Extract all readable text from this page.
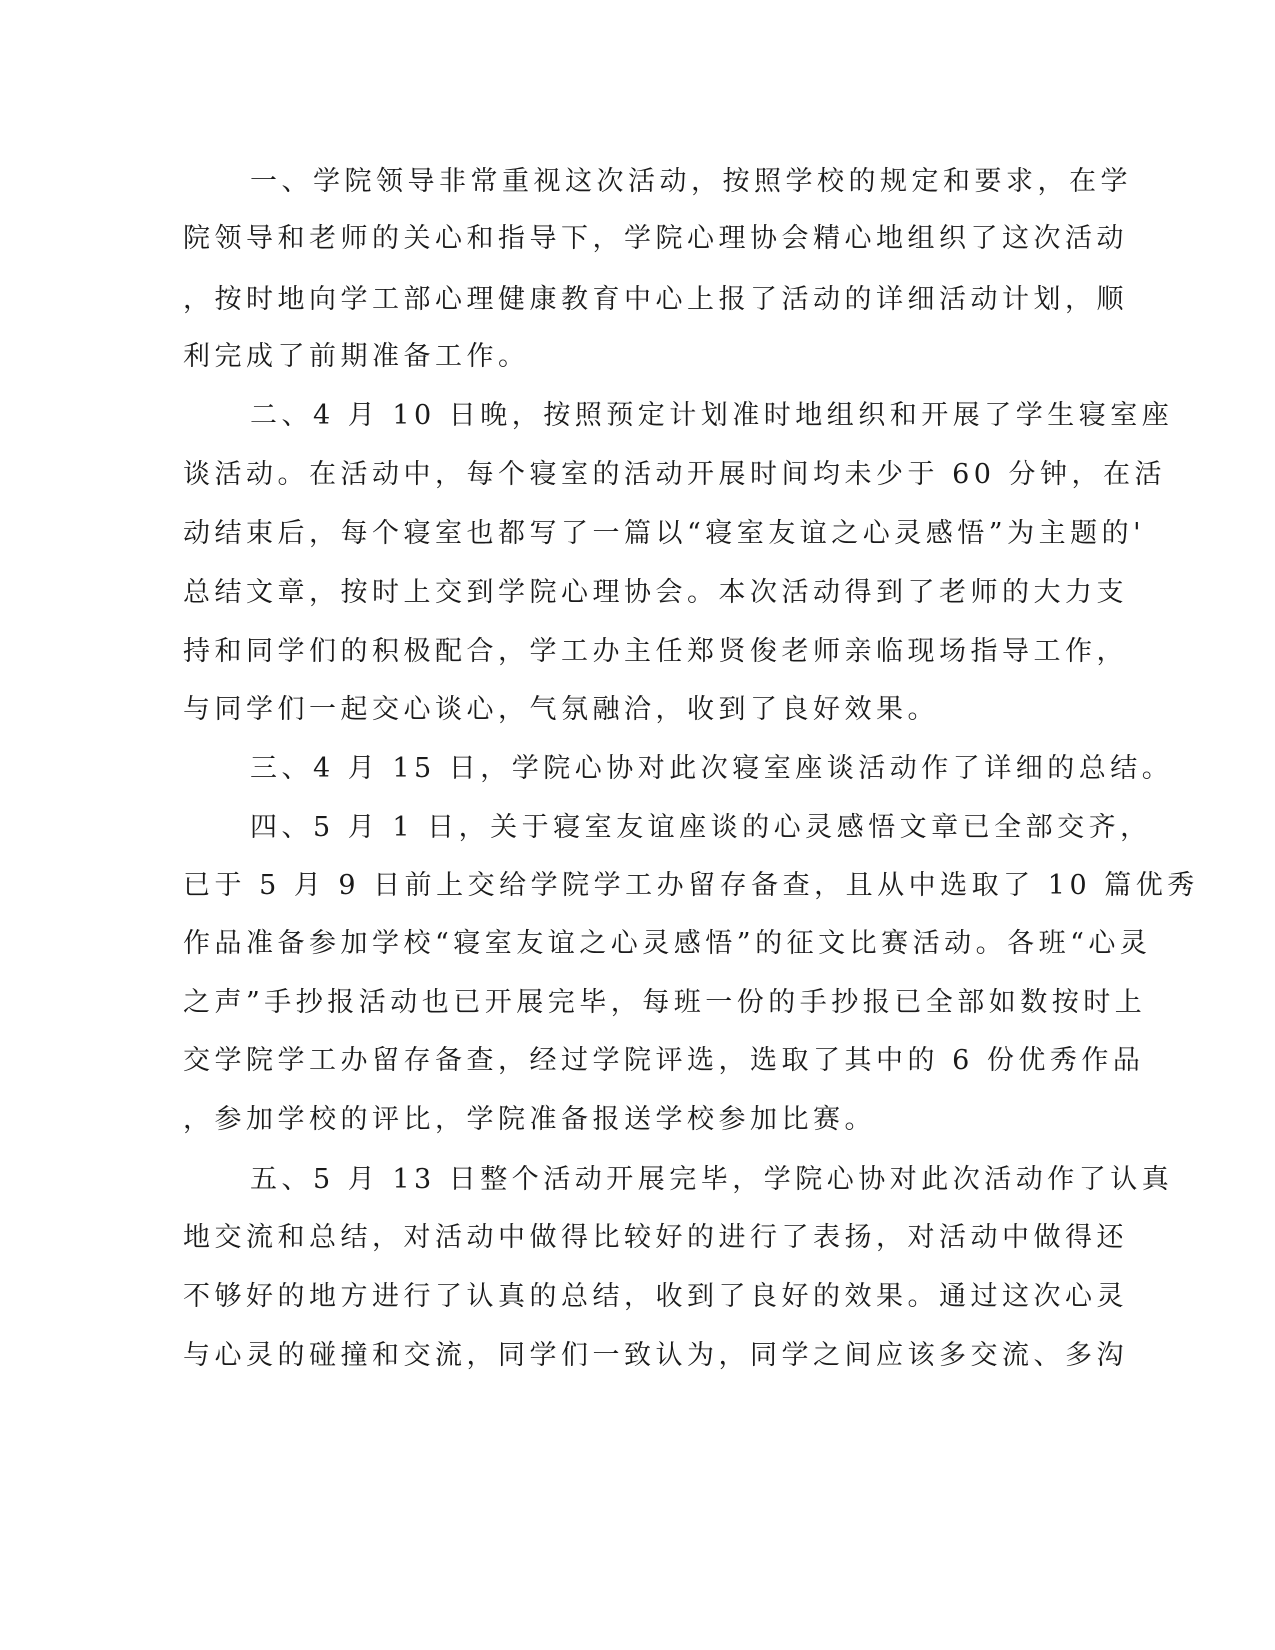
一、学院领导非常重视这次活动，按照学校的规定和要求，在学

院领导和老师的关心和指导下，学院心理协会精心地组织了这次活动

，按时地向学工部心理健康教育中心上报了活动的详细活动计划，顺

利完成了前期准备工作。

二、4 月 10 日晚，按照预定计划准时地组织和开展了学生寝室座

谈活动。在活动中，每个寝室的活动开展时间均未少于 60 分钟，在活

动结束后，每个寝室也都写了一篇以“寝室友谊之心灵感悟”为主题的'

总结文章，按时上交到学院心理协会。本次活动得到了老师的大力支

持和同学们的积极配合，学工办主任郑贤俊老师亲临现场指导工作，

与同学们一起交心谈心，气氛融洽，收到了良好效果。

三、4 月 15 日，学院心协对此次寝室座谈活动作了详细的总结。

四、5 月 1 日，关于寝室友谊座谈的心灵感悟文章已全部交齐，

已于 5 月 9 日前上交给学院学工办留存备查，且从中选取了 10 篇优秀

作品准备参加学校“寝室友谊之心灵感悟”的征文比赛活动。各班“心灵

之声”手抄报活动也已开展完毕，每班一份的手抄报已全部如数按时上

交学院学工办留存备查，经过学院评选，选取了其中的 6 份优秀作品

，参加学校的评比，学院准备报送学校参加比赛。

五、5 月 13 日整个活动开展完毕，学院心协对此次活动作了认真

地交流和总结，对活动中做得比较好的进行了表扬，对活动中做得还

不够好的地方进行了认真的总结，收到了良好的效果。通过这次心灵

与心灵的碰撞和交流，同学们一致认为，同学之间应该多交流、多沟
